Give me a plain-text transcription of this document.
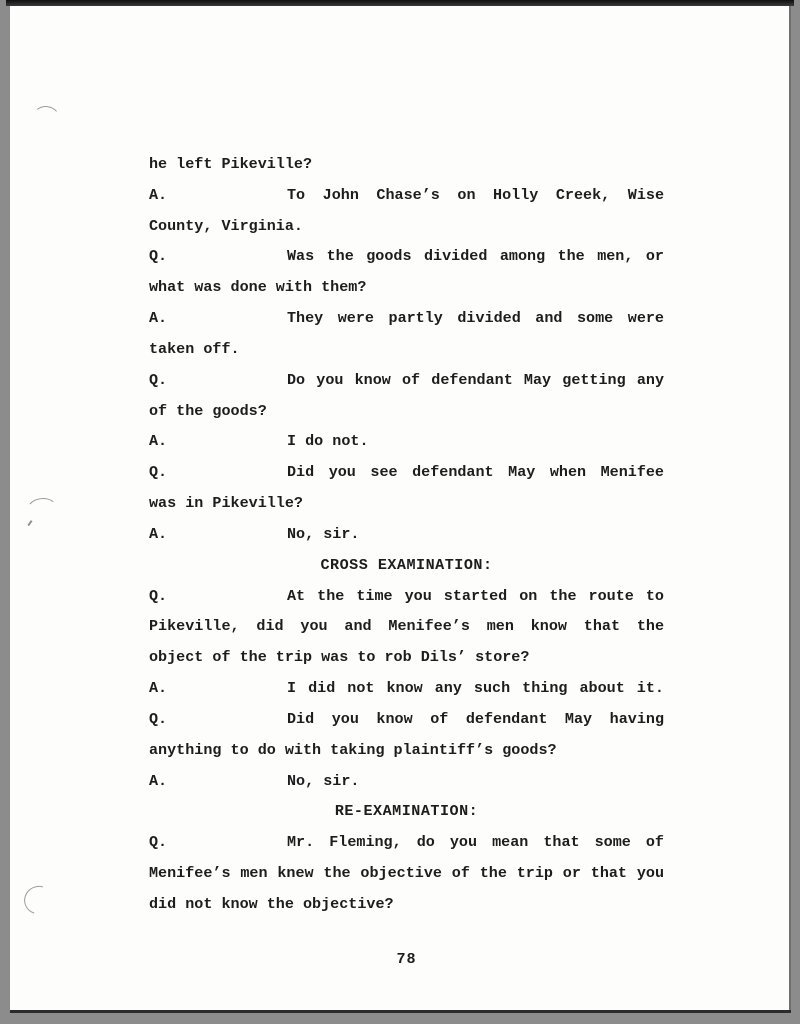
he left Pikeville?
A.	To John Chase’s on Holly Creek, Wise
County, Virginia.
Q.	Was the goods divided among the men, or
what was done with them?
A.	They were partly divided and some were
taken off.
Q.	Do you know of defendant May getting any
of the goods?
A.	I do not.
Q.	Did you see defendant May when Menifee
was in Pikeville?
A.	No, sir.
CROSS EXAMINATION:
Q.	At the time you started on the route to
Pikeville, did you and Menifee’s men know that the
object of the trip was to rob Dils’ store?
A.	I did not know any such thing about it.
Q.	Did you know of defendant May having
anything to do with taking plaintiff’s goods?
A.	No, sir.
RE-EXAMINATION:
Q.	Mr. Fleming, do you mean that some of
Menifee’s men knew the objective of the trip or that you
did not know the objective?
78
